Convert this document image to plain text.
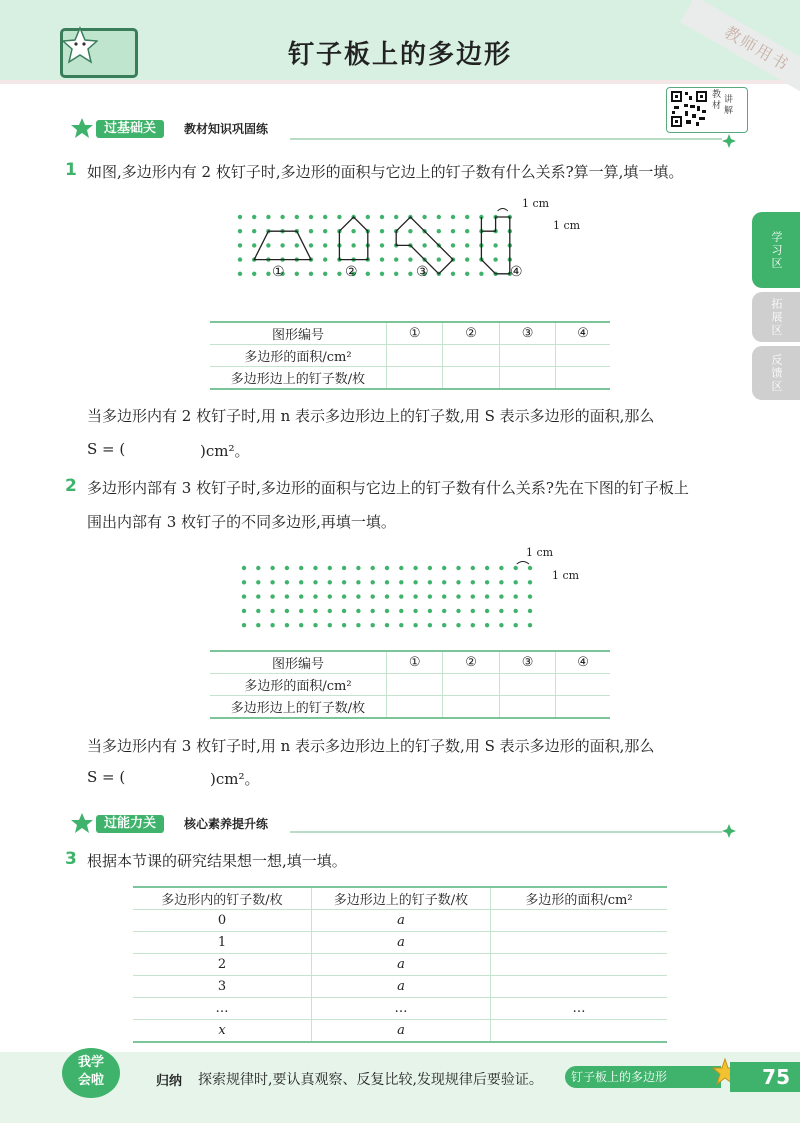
钉子板上的多边形	教师用书
教
材
讲
解
学习区
拓展区
反馈区
过基础关	教材知识巩固练
1 如图,多边形内有 2 枚钉子时,多边形的面积与它边上的钉子数有什么关系?算一算,填一填。
1 cm
1 cm
①	②	③	④
图形编号	①	②	③	④
多边形的面积/cm²				
多边形边上的钉子数/枚				
当多边形内有 2 枚钉子时,用 n 表示多边形边上的钉子数,用 S 表示多边形的面积,那么
S = (	)cm²。
2 多边形内部有 3 枚钉子时,多边形的面积与它边上的钉子数有什么关系?先在下图的钉子板上
围出内部有 3 枚钉子的不同多边形,再填一填。
1 cm
1 cm
图形编号	①	②	③	④
多边形的面积/cm²				
多边形边上的钉子数/枚				
当多边形内有 3 枚钉子时,用 n 表示多边形边上的钉子数,用 S 表示多边形的面积,那么
S = (	)cm²。
过能力关	核心素养提升练
3 根据本节课的研究结果想一想,填一填。
多边形内的钉子数/枚	多边形边上的钉子数/枚	多边形的面积/cm²
0	a	
1	a	
2	a	
3	a	
…	…	…
x	a	
我学会啦	归纳 探索规律时,要认真观察、反复比较,发现规律后要验证。	钉子板上的多边形	75
